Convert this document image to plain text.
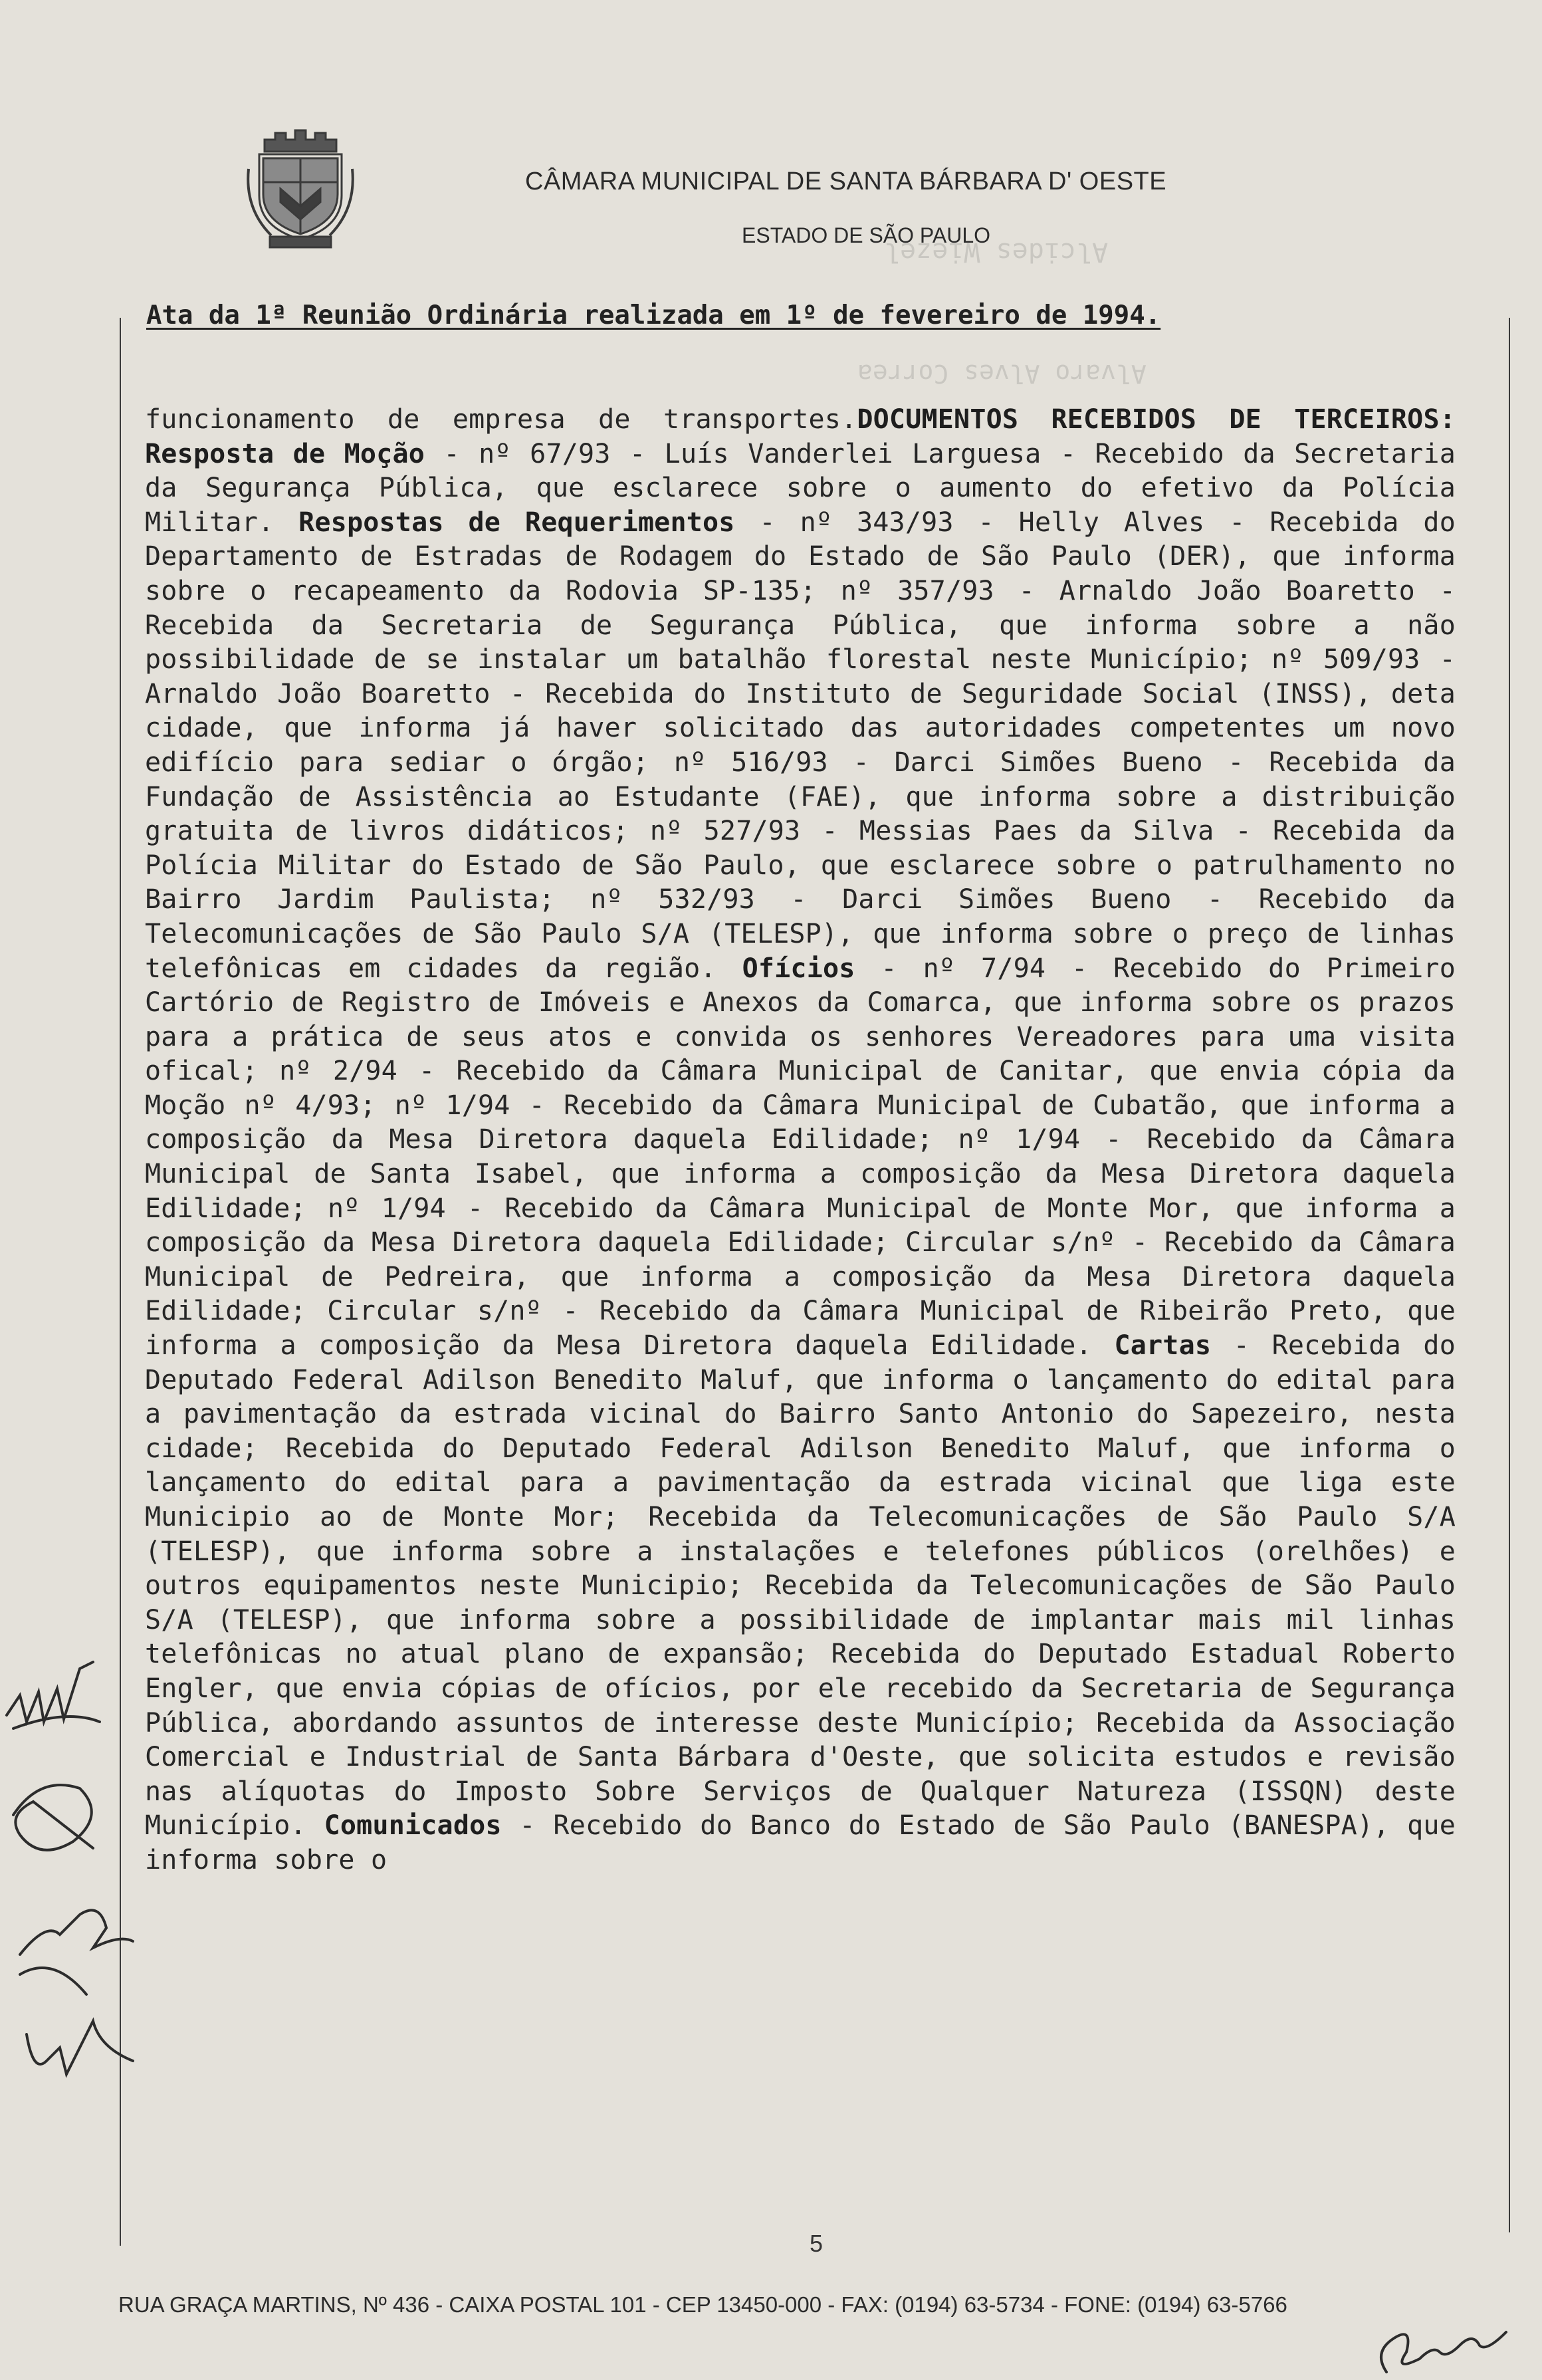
CÂMARA MUNICIPAL DE SANTA BÁRBARA D' OESTE
ESTADO DE SÃO PAULO
Alcides Wiezel
Alvaro Alves Correa
Ata da 1ª Reunião Ordinária realizada em 1º de fevereiro de 1994.
funcionamento de empresa de transportes.DOCUMENTOS RECEBIDOS DE TERCEIROS: Resposta de Moção - nº 67/93 - Luís Vanderlei Larguesa - Recebido da Secretaria da Segurança Pública, que esclarece sobre o aumento do efetivo da Polícia Militar. Respostas de Requerimentos - nº 343/93 - Helly Alves - Recebida do Departamento de Estradas de Rodagem do Estado de São Paulo (DER), que informa sobre o recapeamento da Rodovia SP-135; nº 357/93 - Arnaldo João Boaretto - Recebida da Secretaria de Segurança Pública, que informa sobre a não possibilidade de se instalar um batalhão florestal neste Município; nº 509/93 - Arnaldo João Boaretto - Recebida do Instituto de Seguridade Social (INSS), deta cidade, que informa já haver solicitado das autoridades competentes um novo edifício para sediar o órgão; nº 516/93 - Darci Simões Bueno - Recebida da Fundação de Assistência ao Estudante (FAE), que informa sobre a distribuição gratuita de livros didáticos; nº 527/93 - Messias Paes da Silva - Recebida da Polícia Militar do Estado de São Paulo, que esclarece sobre o patrulhamento no Bairro Jardim Paulista; nº 532/93 - Darci Simões Bueno - Recebido da Telecomunicações de São Paulo S/A (TELESP), que informa sobre o preço de linhas telefônicas em cidades da região. Ofícios - nº 7/94 - Recebido do Primeiro Cartório de Registro de Imóveis e Anexos da Comarca, que informa sobre os prazos para a prática de seus atos e convida os senhores Vereadores para uma visita ofical; nº 2/94 - Recebido da Câmara Municipal de Canitar, que envia cópia da Moção nº 4/93; nº 1/94 - Recebido da Câmara Municipal de Cubatão, que informa a composição da Mesa Diretora daquela Edilidade; nº 1/94 - Recebido da Câmara Municipal de Santa Isabel, que informa a composição da Mesa Diretora daquela Edilidade; nº 1/94 - Recebido da Câmara Municipal de Monte Mor, que informa a composição da Mesa Diretora daquela Edilidade; Circular s/nº - Recebido da Câmara Municipal de Pedreira, que informa a composição da Mesa Diretora daquela Edilidade; Circular s/nº - Recebido da Câmara Municipal de Ribeirão Preto, que informa a composição da Mesa Diretora daquela Edilidade. Cartas - Recebida do Deputado Federal Adilson Benedito Maluf, que informa o lançamento do edital para a pavimentação da estrada vicinal do Bairro Santo Antonio do Sapezeiro, nesta cidade; Recebida do Deputado Federal Adilson Benedito Maluf, que informa o lançamento do edital para a pavimentação da estrada vicinal que liga este Municipio ao de Monte Mor; Recebida da Telecomunicações de São Paulo S/A (TELESP), que informa sobre a instalações e telefones públicos (orelhões) e outros equipamentos neste Municipio; Recebida da Telecomunicações de São Paulo S/A (TELESP), que informa sobre a possibilidade de implantar mais mil linhas telefônicas no atual plano de expansão; Recebida do Deputado Estadual Roberto Engler, que envia cópias de ofícios, por ele recebido da Secretaria de Segurança Pública, abordando assuntos de interesse deste Município; Recebida da Associação Comercial e Industrial de Santa Bárbara d'Oeste, que solicita estudos e revisão nas alíquotas do Imposto Sobre Serviços de Qualquer Natureza (ISSQN) deste Município. Comunicados - Recebido do Banco do Estado de São Paulo (BANESPA), que informa sobre o
5
RUA GRAÇA MARTINS, Nº 436 - CAIXA POSTAL 101 - CEP 13450-000 - FAX: (0194) 63-5734 - FONE: (0194) 63-5766
